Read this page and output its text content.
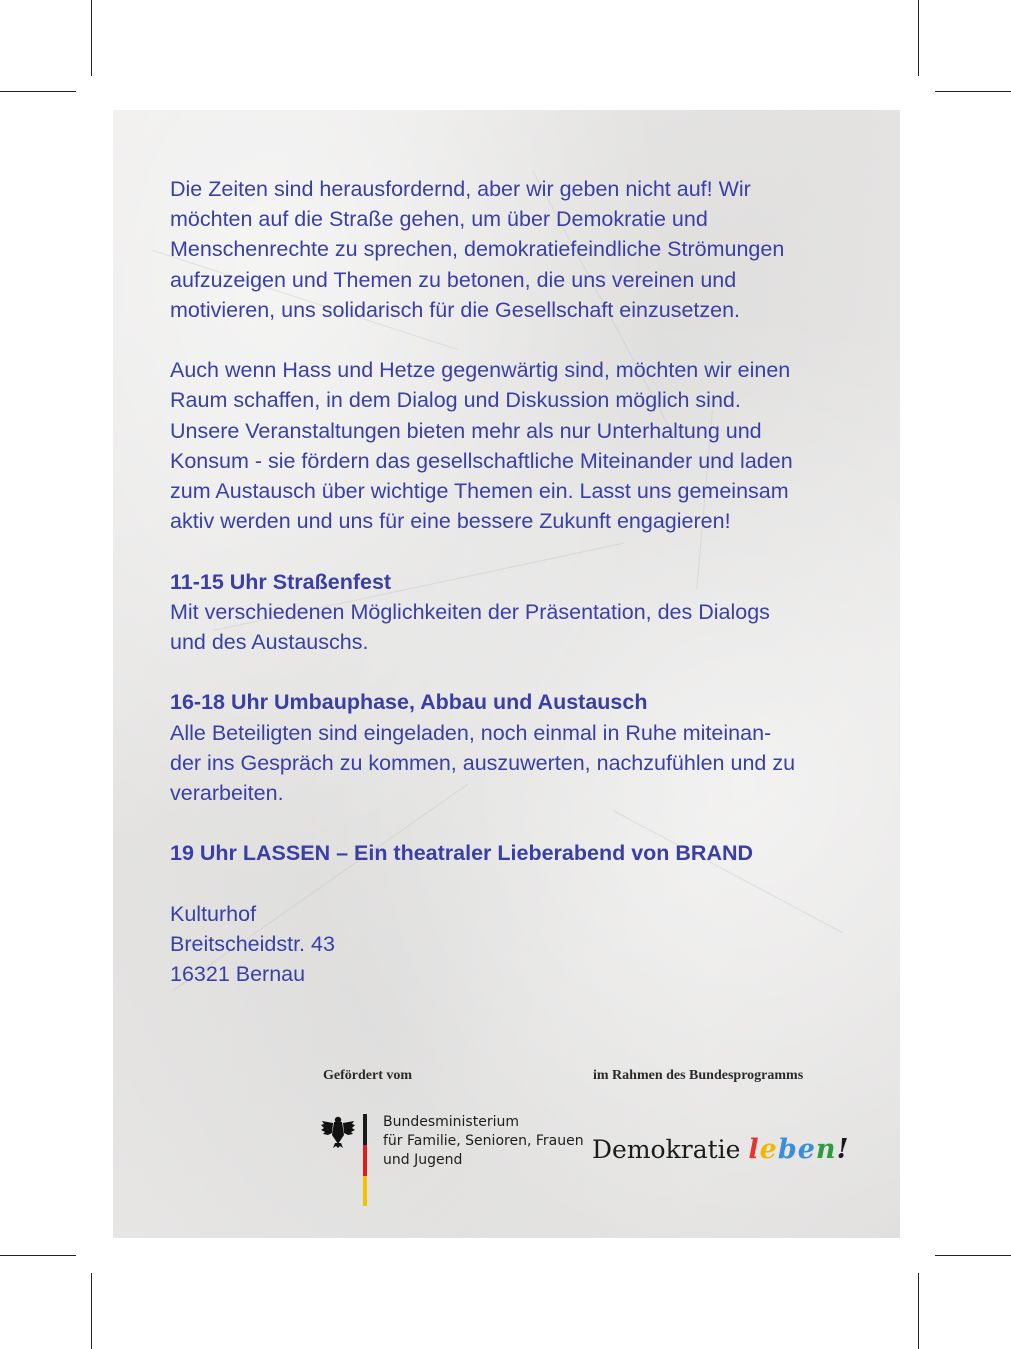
Die Zeiten sind herausfordernd, aber wir geben nicht auf! Wir

möchten auf die Straße gehen, um über Demokratie und

Menschenrechte zu sprechen, demokratiefeindliche Strömungen

aufzuzeigen und Themen zu betonen, die uns vereinen und

motivieren, uns solidarisch für die Gesellschaft einzusetzen.

Auch wenn Hass und Hetze gegenwärtig sind, möchten wir einen

Raum schaffen, in dem Dialog und Diskussion möglich sind.

Unsere Veranstaltungen bieten mehr als nur Unterhaltung und

Konsum - sie fördern das gesellschaftliche Miteinander und laden

zum Austausch über wichtige Themen ein. Lasst uns gemeinsam

aktiv werden und uns für eine bessere Zukunft engagieren!

11-15 Uhr Straßenfest

Mit verschiedenen Möglichkeiten der Präsentation, des Dialogs

und des Austauschs.

16-18 Uhr Umbauphase, Abbau und Austausch

Alle Beteiligten sind eingeladen, noch einmal in Ruhe miteinan-

der ins Gespräch zu kommen, auszuwerten, nachzufühlen und zu

verarbeiten.

19 Uhr LASSEN – Ein theatraler Lieberabend von BRAND

Kulturhof

Breitscheidstr. 43

16321 Bernau

Gefördert vom	im Rahmen des Bundesprogramms
Bundesministerium
für Familie, Senioren, Frauen
und Jugend	Demokratie leben!
